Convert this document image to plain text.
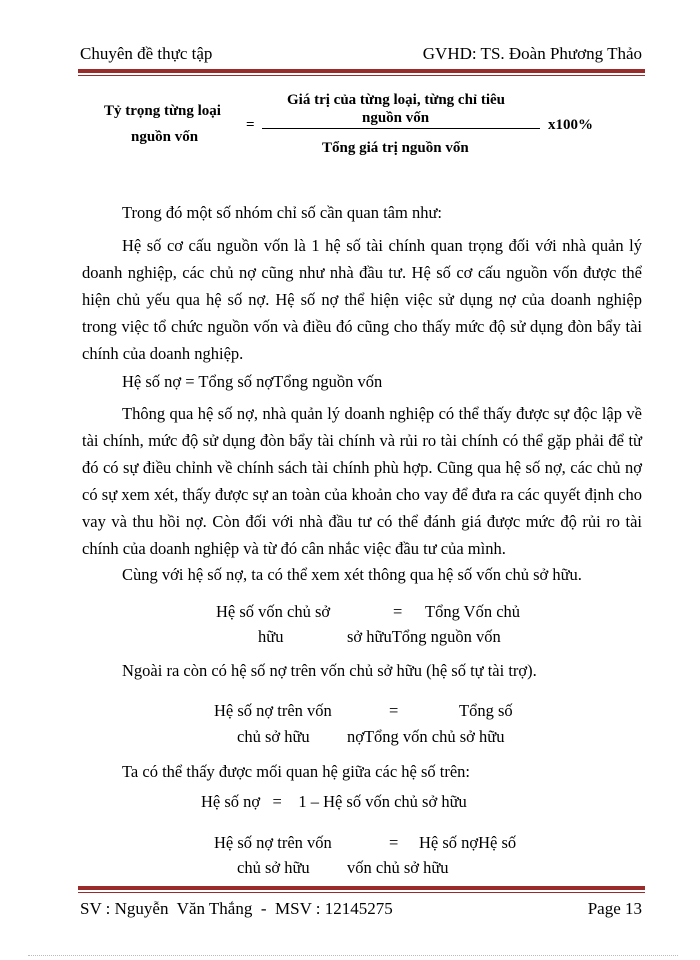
Chuyên đề thực tập	GVHD: TS. Đoàn Phương Thảo
Tỷ trọng từng loại
nguồn vốn
=
Giá trị của từng loại, từng chỉ tiêu
nguồn vốn	x100%
Tổng giá trị nguồn vốn
Trong đó một số nhóm chỉ số cần quan tâm như:
Hệ số cơ cấu nguồn vốn là 1 hệ số tài chính quan trọng đối với nhà quản lý doanh nghiệp, các chủ nợ cũng như nhà đầu tư. Hệ số cơ cấu nguồn vốn được thể hiện chủ yếu qua hệ số nợ. Hệ số nợ thể hiện việc sử dụng nợ của doanh nghiệp trong việc tổ chức nguồn vốn và điều đó cũng cho thấy mức độ sử dụng đòn bẩy tài chính của doanh nghiệp.
Hệ số nợ = Tổng số nợTổng nguồn vốn
Thông qua hệ số nợ, nhà quản lý doanh nghiệp có thể thấy được sự độc lập về tài chính, mức độ sử dụng đòn bẩy tài chính và rủi ro tài chính có thể gặp phải để từ đó có sự điều chỉnh về chính sách tài chính phù hợp. Cũng qua hệ số nợ, các chủ nợ có sự xem xét, thấy được sự an toàn của khoản cho vay để đưa ra các quyết định cho vay và thu hồi nợ. Còn đối với nhà đầu tư có thể đánh giá được mức độ rủi ro tài chính của doanh nghiệp và từ đó cân nhắc việc đầu tư của mình.
Cùng với hệ số nợ, ta có thể xem xét thông qua hệ số vốn chủ sở hữu.
Hệ số vốn chủ sở
hữu
= Tổng Vốn chủ
sở hữuTổng nguồn vốn
Ngoài ra còn có hệ số nợ trên vốn chủ sở hữu (hệ số tự tài trợ).
Hệ số nợ trên vốn
chủ sở hữu
=	Tổng số
nợTổng vốn chủ sở hữu
Ta có thể thấy được mối quan hệ giữa các hệ số trên:
Hệ số nợ   =    1 – Hệ số vốn chủ sở hữu
Hệ số nợ trên vốn
chủ sở hữu
= Hệ số nợHệ số
vốn chủ sở hữu
SV : Nguyễn  Văn Thắng  -  MSV : 12145275	Page 13
